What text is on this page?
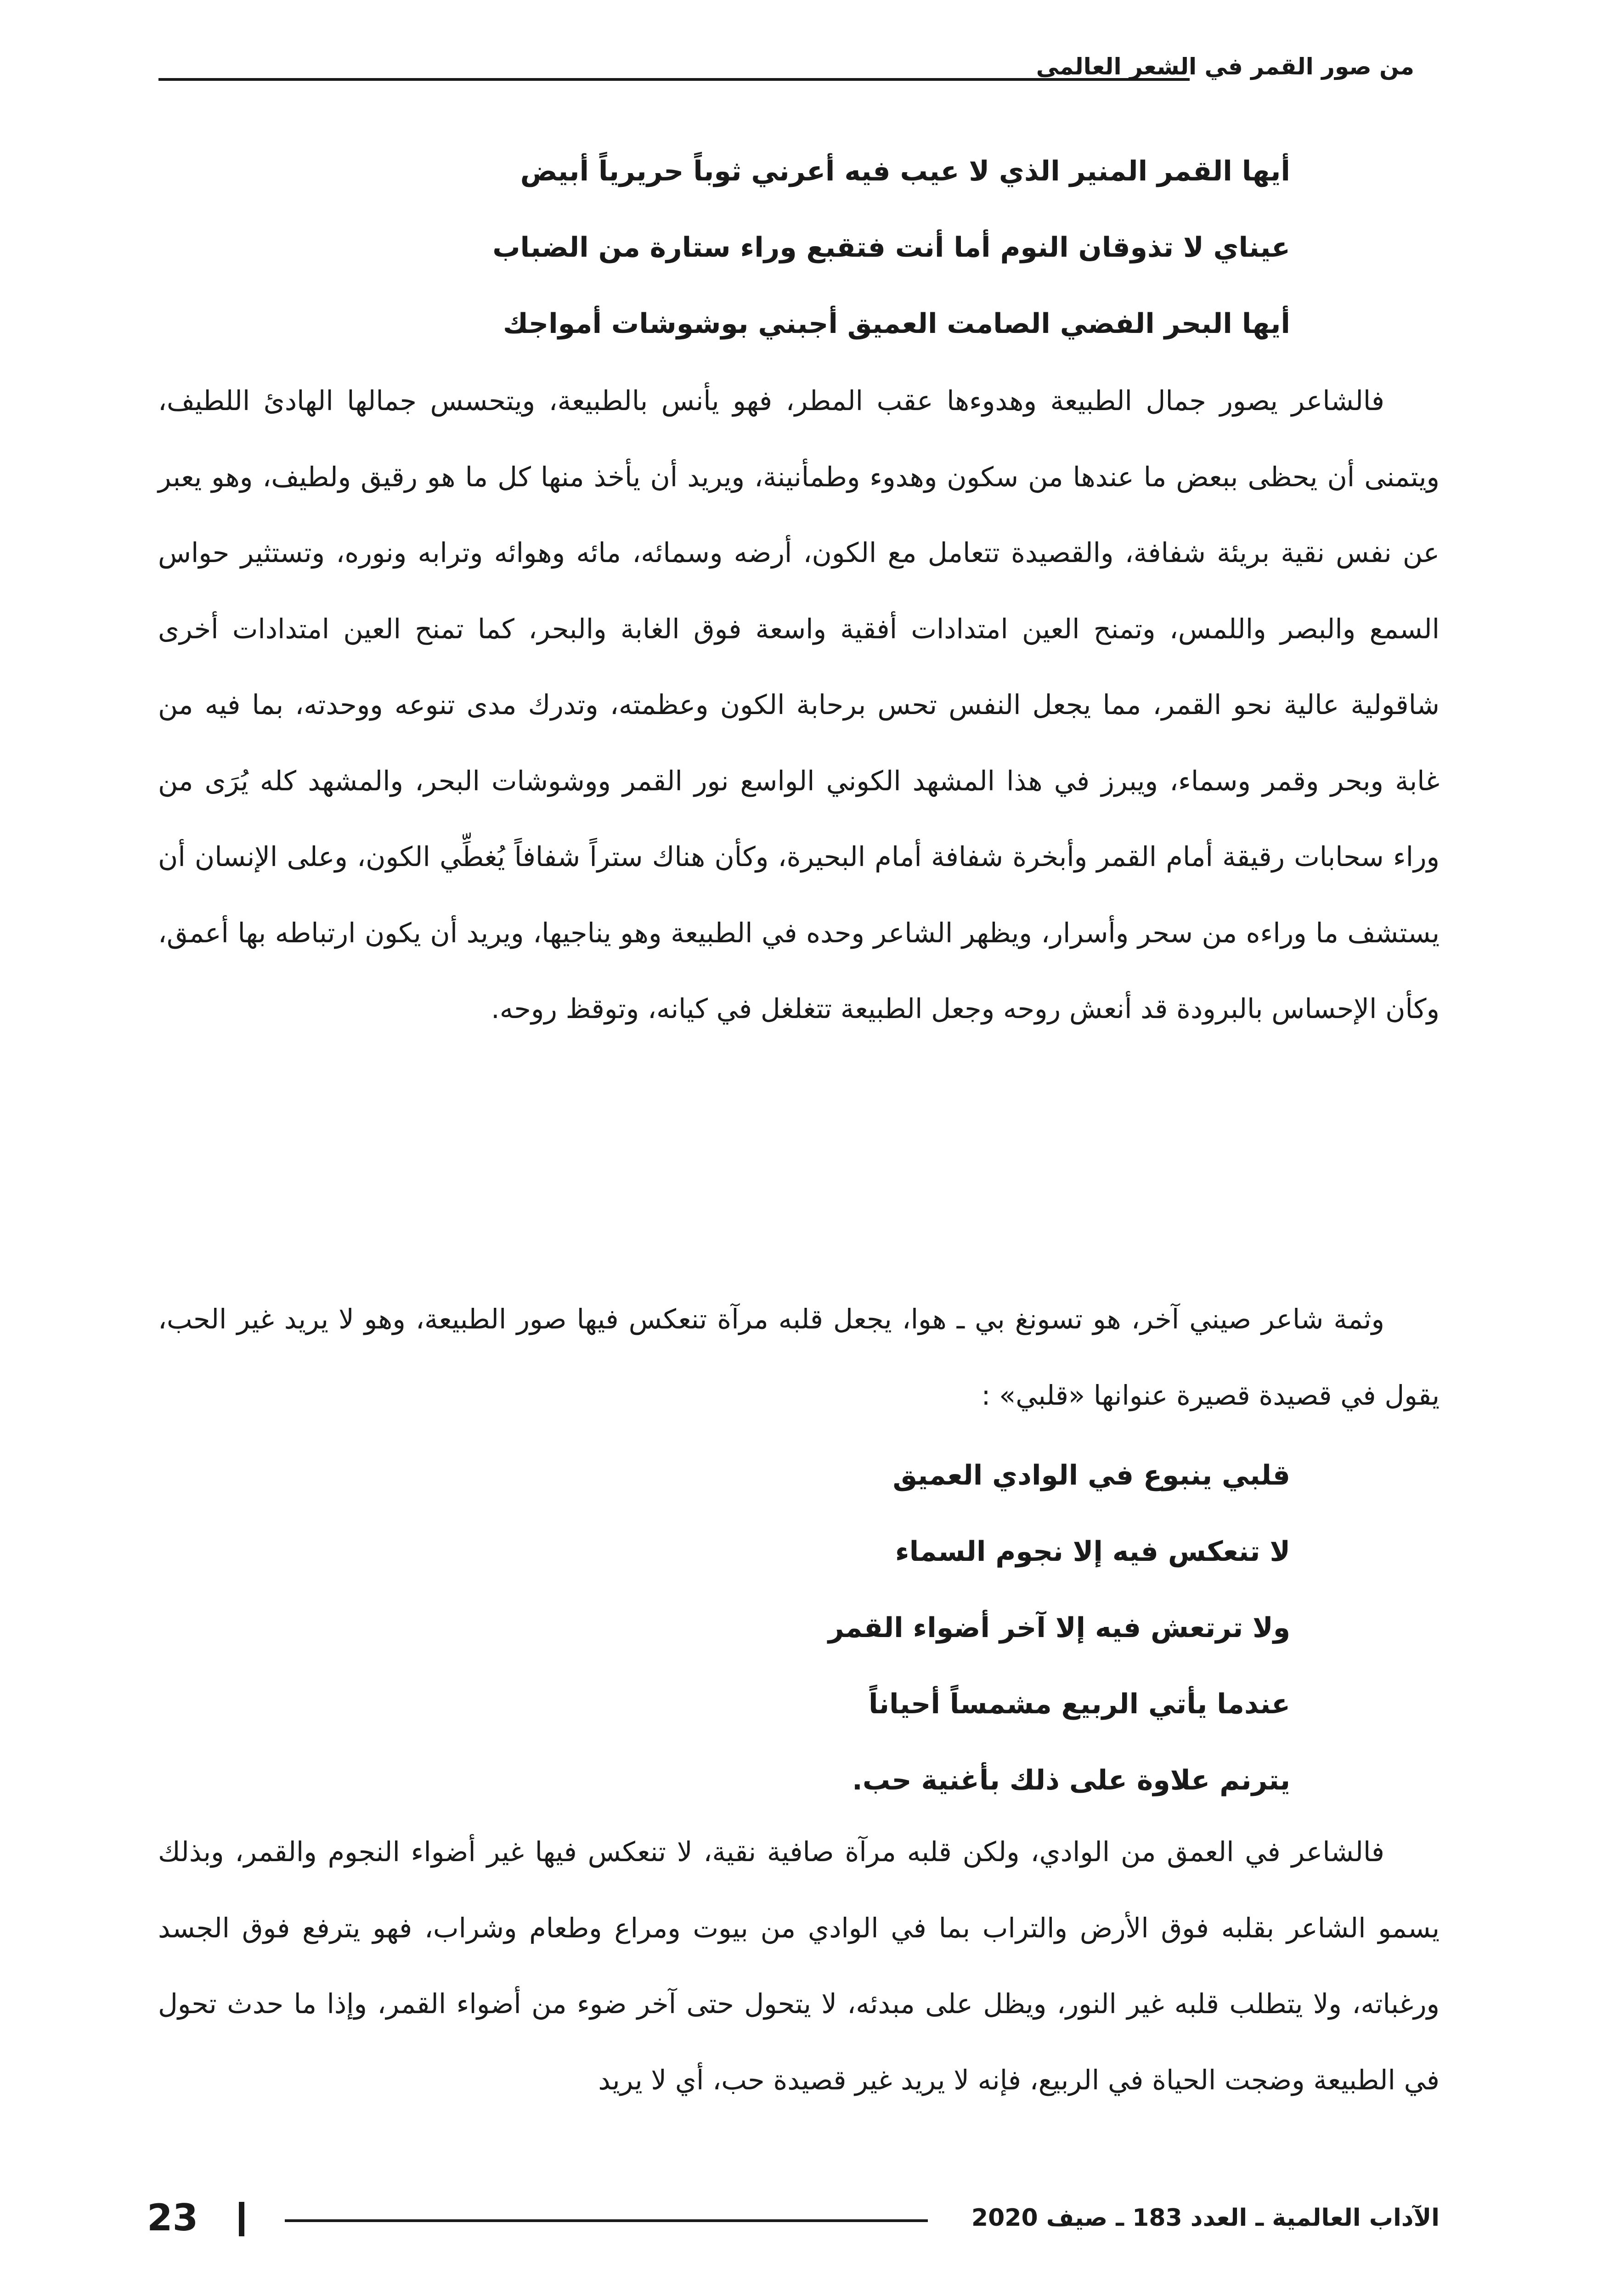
من صور القمر في الشعر العالمي
أيها القمر المنير الذي لا عيب فيه أعرني ثوباً حريرياً أبيض
عيناي لا تذوقان النوم أما أنت فتقبع وراء ستارة من الضباب
أيها البحر الفضي الصامت العميق أجبني بوشوشات أمواجك

فالشاعر يصور جمال الطبيعة وهدوءها عقب المطر، فهو يأنس بالطبيعة، ويتحسس جمالها الهادئ اللطيف، ويتمنى أن يحظى ببعض ما عندها من سكون وهدوء وطمأنينة، ويريد أن يأخذ منها كل ما هو رقيق ولطيف، وهو يعبر عن نفس نقية بريئة شفافة، والقصيدة تتعامل مع الكون، أرضه وسمائه، مائه وهوائه وترابه ونوره، وتستثير حواس السمع والبصر واللمس، وتمنح العين امتدادات أفقية واسعة فوق الغابة والبحر، كما تمنح العين امتدادات أخرى شاقولية عالية نحو القمر، مما يجعل النفس تحس برحابة الكون وعظمته، وتدرك مدى تنوعه ووحدته، بما فيه من غابة وبحر وقمر وسماء، ويبرز في هذا المشهد الكوني الواسع نور القمر ووشوشات البحر، والمشهد كله يُرَى من وراء سحابات رقيقة أمام القمر وأبخرة شفافة أمام البحيرة، وكأن هناك ستراً شفافاً يُغطِّي الكون، وعلى الإنسان أن يستشف ما وراءه من سحر وأسرار، ويظهر الشاعر وحده في الطبيعة وهو يناجيها، ويريد أن يكون ارتباطه بها أعمق، وكأن الإحساس بالبرودة قد أنعش روحه وجعل الطبيعة تتغلغل في كيانه، وتوقظ روحه.

وثمة شاعر صيني آخر، هو تسونغ بي ـ هوا، يجعل قلبه مرآة تنعكس فيها صور الطبيعة، وهو لا يريد غير الحب، يقول في قصيدة قصيرة عنوانها «قلبي» :

قلبي ينبوع في الوادي العميق
لا تنعكس فيه إلا نجوم السماء
ولا ترتعش فيه إلا آخر أضواء القمر
عندما يأتي الربيع مشمساً أحياناً
يترنم علاوة على ذلك بأغنية حب.

فالشاعر في العمق من الوادي، ولكن قلبه مرآة صافية نقية، لا تنعكس فيها غير أضواء النجوم والقمر، وبذلك يسمو الشاعر بقلبه فوق الأرض والتراب بما في الوادي من بيوت ومراع وطعام وشراب، فهو يترفع فوق الجسد ورغباته، ولا يتطلب قلبه غير النور، ويظل على مبدئه، لا يتحول حتى آخر ضوء من أضواء القمر، وإذا ما حدث تحول في الطبيعة وضجت الحياة في الربيع، فإنه لا يريد غير قصيدة حب، أي لا يريد

الآداب العالمية ـ العدد 183 ـ صيف 2020
23
